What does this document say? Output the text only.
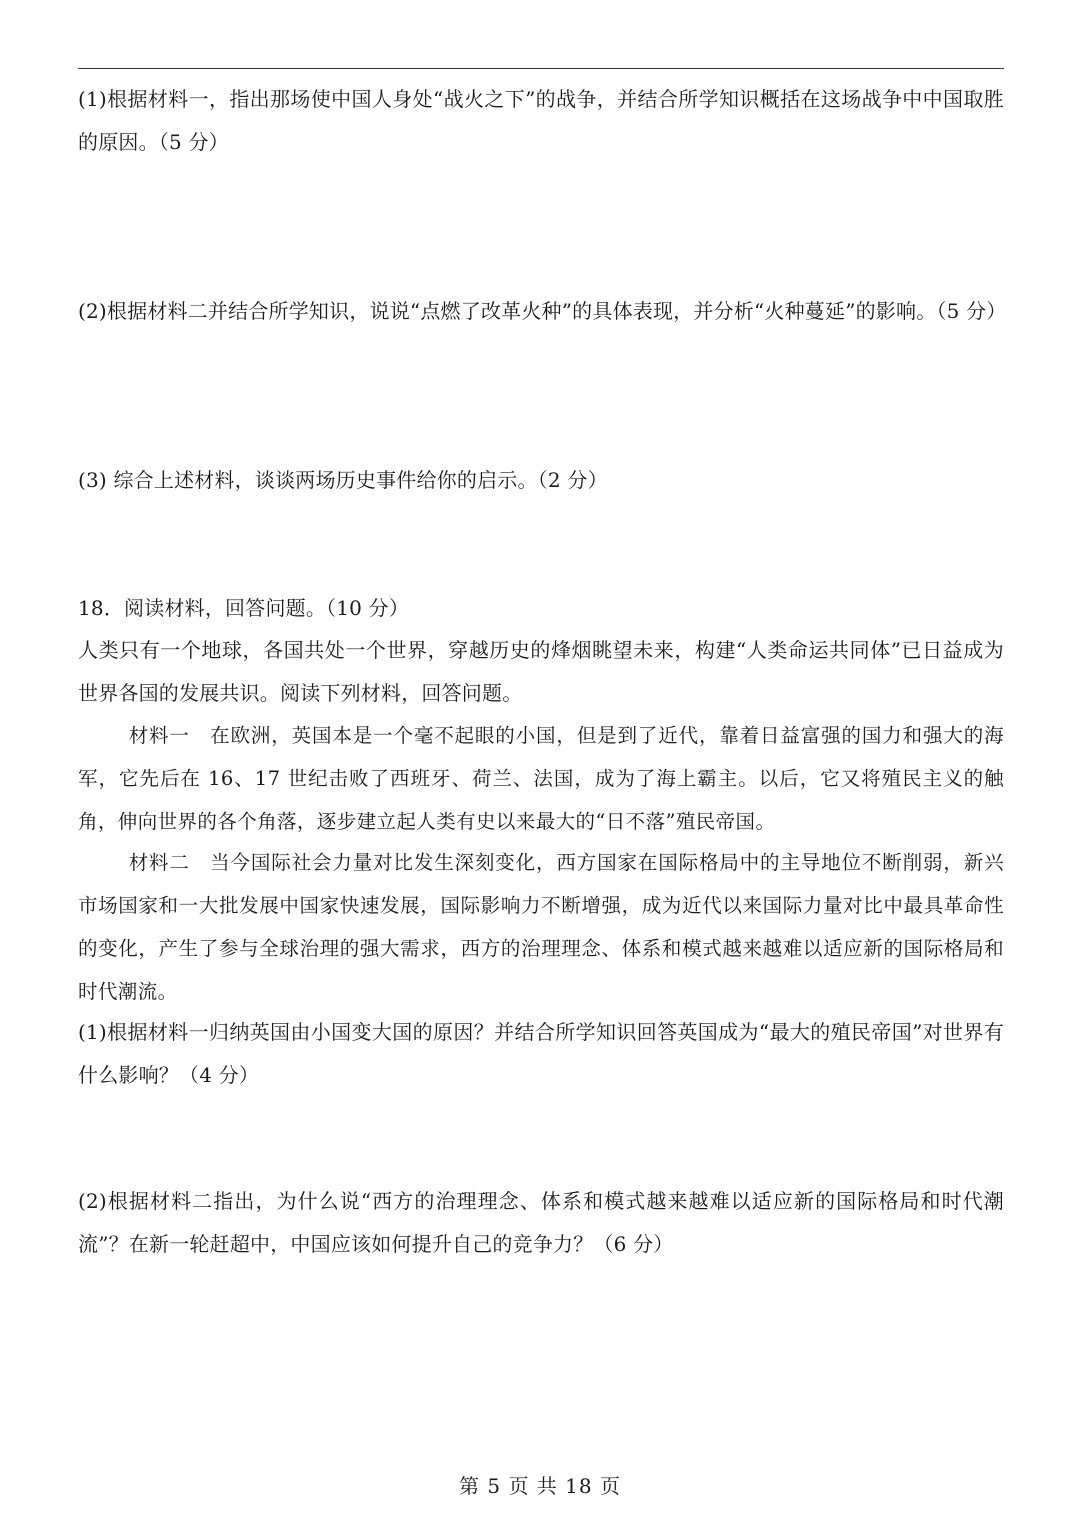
(1)根据材料一，指出那场使中国人身处“战火之下”的战争，并结合所学知识概括在这场战争中中国取胜的原因。（5 分）

(2)根据材料二并结合所学知识，说说“点燃了改革火种”的具体表现，并分析“火种蔓延”的影响。（5 分）

(3) 综合上述材料，谈谈两场历史事件给你的启示。（2 分）

18．阅读材料，回答问题。（10 分）

人类只有一个地球，各国共处一个世界，穿越历史的烽烟眺望未来，构建“人类命运共同体”已日益成为世界各国的发展共识。阅读下列材料，回答问题。

材料一　在欧洲，英国本是一个毫不起眼的小国，但是到了近代，靠着日益富强的国力和强大的海军，它先后在 16、17 世纪击败了西班牙、荷兰、法国，成为了海上霸主。以后，它又将殖民主义的触角，伸向世界的各个角落，逐步建立起人类有史以来最大的“日不落”殖民帝国。

材料二　当今国际社会力量对比发生深刻变化，西方国家在国际格局中的主导地位不断削弱，新兴市场国家和一大批发展中国家快速发展，国际影响力不断增强，成为近代以来国际力量对比中最具革命性的变化，产生了参与全球治理的强大需求，西方的治理理念、体系和模式越来越难以适应新的国际格局和时代潮流。

(1)根据材料一归纳英国由小国变大国的原因？并结合所学知识回答英国成为“最大的殖民帝国”对世界有什么影响？（4 分）

(2)根据材料二指出，为什么说“西方的治理理念、体系和模式越来越难以适应新的国际格局和时代潮流”？在新一轮赶超中，中国应该如何提升自己的竞争力？（6 分）

第 5 页 共 18 页
